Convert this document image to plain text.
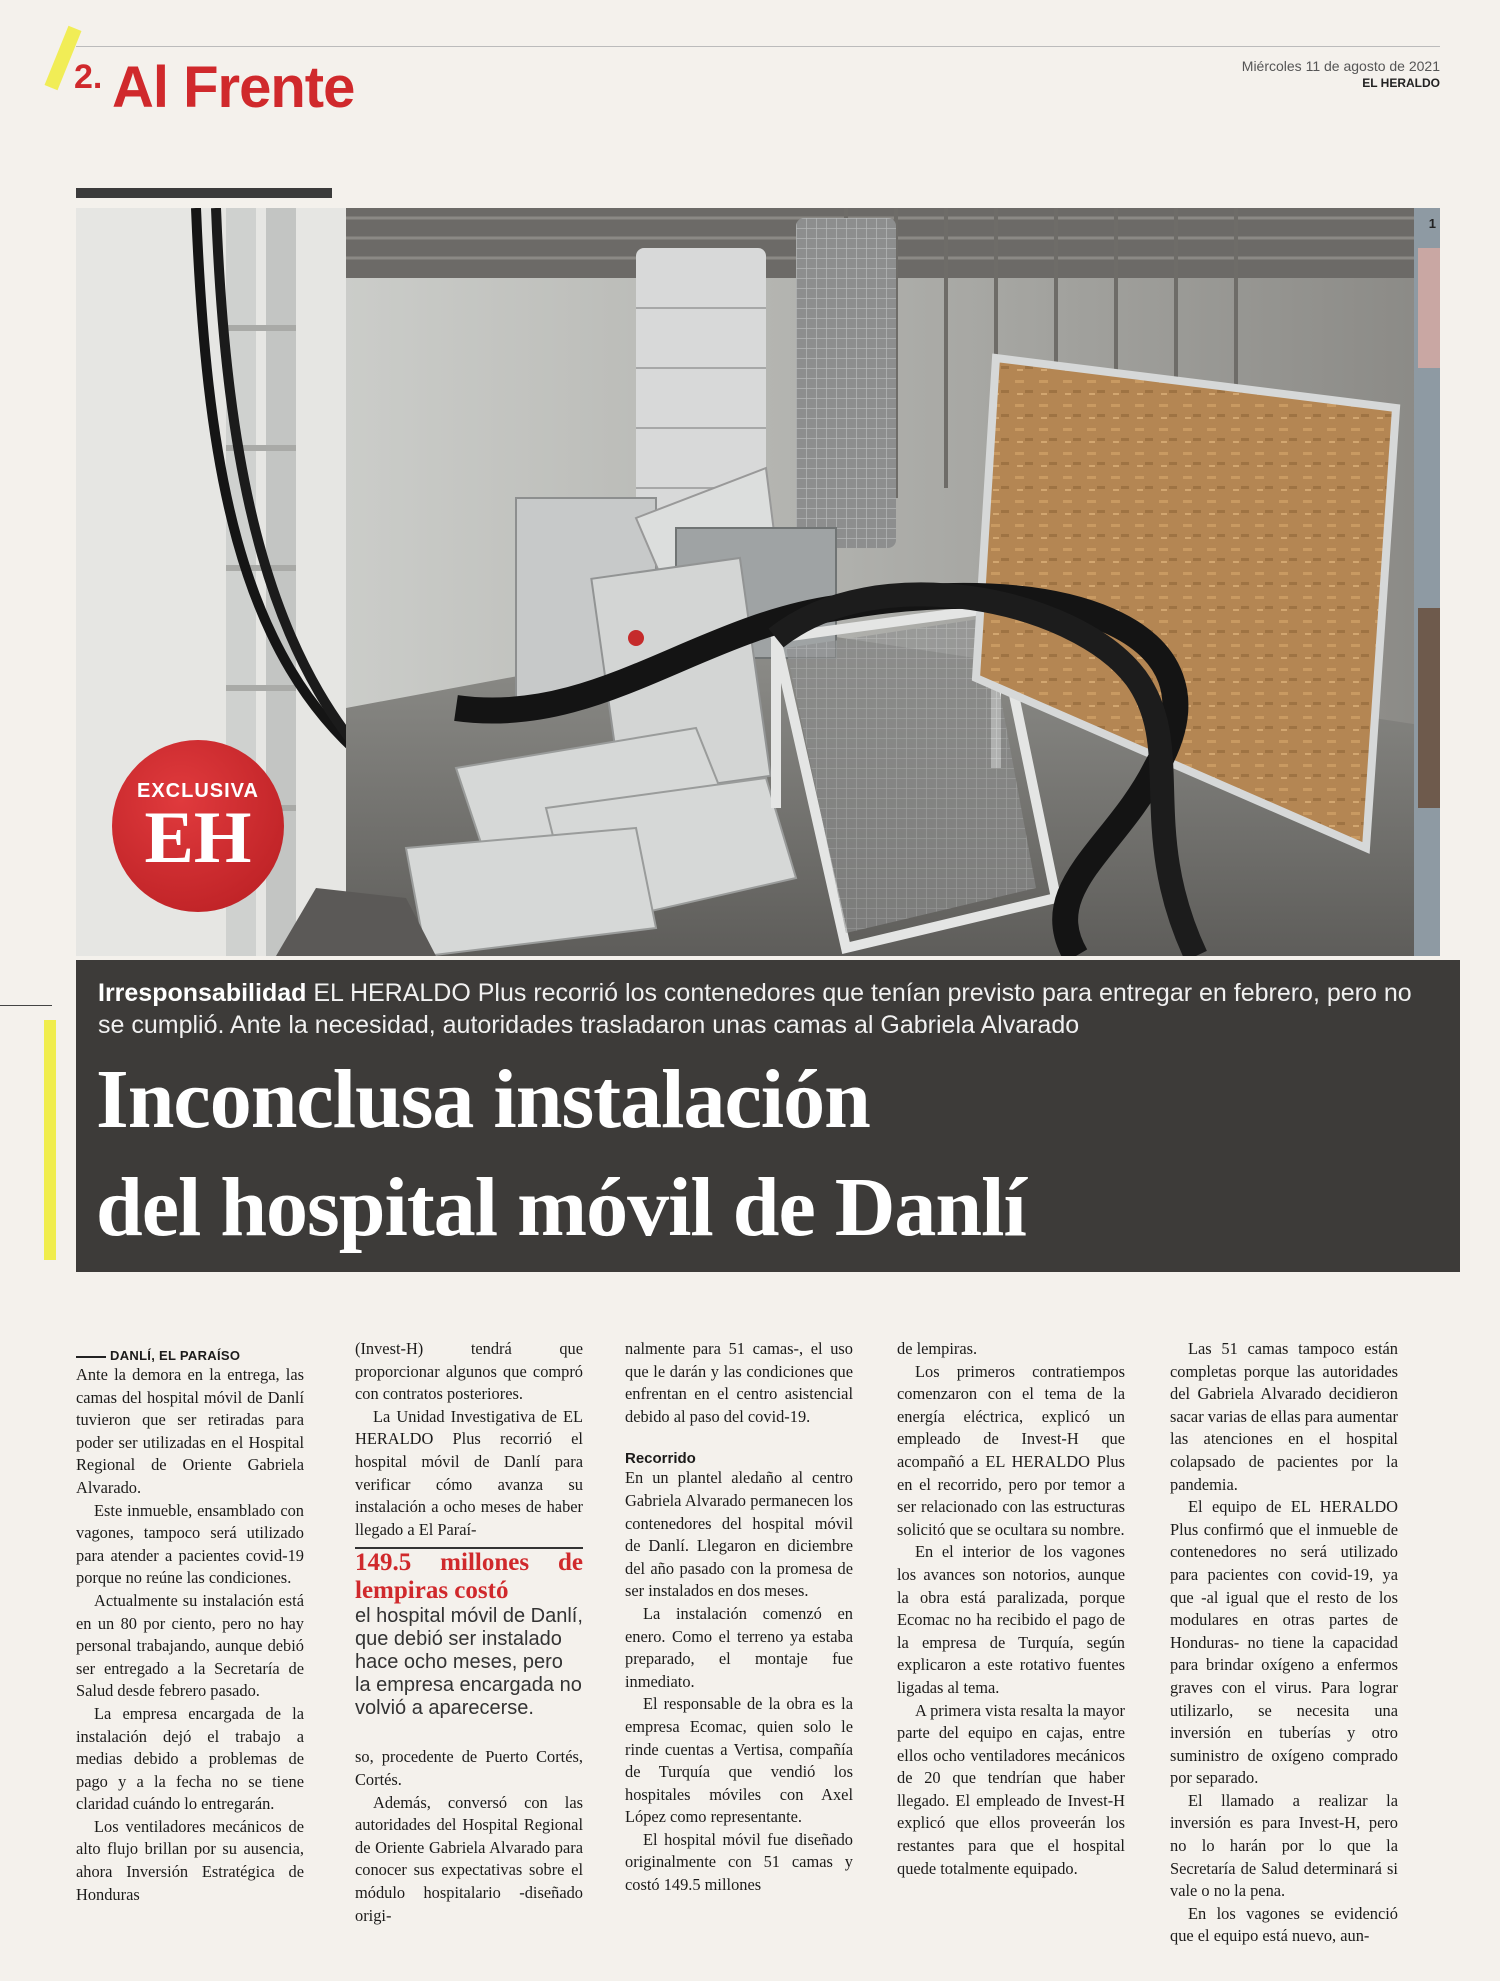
2. Al Frente	Miércoles 11 de agosto de 2021
EL HERALDO
1
EXCLUSIVA
EH
Irresponsabilidad EL HERALDO Plus recorrió los contenedores que tenían previsto para entregar en febrero, pero no se cumplió. Ante la necesidad, autoridades trasladaron unas camas al Gabriela Alvarado
Inconclusa instalación
del hospital móvil de Danlí
DANLÍ, EL PARAÍSO

Ante la demora en la entrega, las camas del hospital móvil de Danlí tuvieron que ser retiradas para poder ser utilizadas en el Hospital Regional de Oriente Gabriela Alvarado.

Este inmueble, ensamblado con vagones, tampoco será utilizado para atender a pacientes covid-19 porque no reúne las condiciones.

Actualmente su instalación está en un 80 por ciento, pero no hay personal trabajando, aunque debió ser entregado a la Secretaría de Salud desde febrero pasado.

La empresa encargada de la instalación dejó el trabajo a medias debido a problemas de pago y a la fecha no se tiene claridad cuándo lo entregarán.

Los ventiladores mecánicos de alto flujo brillan por su ausencia, ahora Inversión Estratégica de Honduras

(Invest-H) tendrá que proporcionar algunos que compró con contratos posteriores.

La Unidad Investigativa de EL HERALDO Plus recorrió el hospital móvil de Danlí para verificar cómo avanza su instalación a ocho meses de haber llegado a El Paraí-

149.5 millones de lempiras costó

el hospital móvil de Danlí, que debió ser instalado hace ocho meses, pero la empresa encargada no volvió a aparecerse.

so, procedente de Puerto Cortés, Cortés.

Además, conversó con las autoridades del Hospital Regional de Oriente Gabriela Alvarado para conocer sus expectativas sobre el módulo hospitalario -diseñado origi-

nalmente para 51 camas-, el uso que le darán y las condiciones que enfrentan en el centro asistencial debido al paso del covid-19.

Recorrido

En un plantel aledaño al centro Gabriela Alvarado permanecen los contenedores del hospital móvil de Danlí. Llegaron en diciembre del año pasado con la promesa de ser instalados en dos meses.

La instalación comenzó en enero. Como el terreno ya estaba preparado, el montaje fue inmediato.

El responsable de la obra es la empresa Ecomac, quien solo le rinde cuentas a Vertisa, compañía de Turquía que vendió los hospitales móviles con Axel López como representante.

El hospital móvil fue diseñado originalmente con 51 camas y costó 149.5 millones

de lempiras.

Los primeros contratiempos comenzaron con el tema de la energía eléctrica, explicó un empleado de Invest-H que acompañó a EL HERALDO Plus en el recorrido, pero por temor a ser relacionado con las estructuras solicitó que se ocultara su nombre.

En el interior de los vagones los avances son notorios, aunque la obra está paralizada, porque Ecomac no ha recibido el pago de la empresa de Turquía, según explicaron a este rotativo fuentes ligadas al tema.

A primera vista resalta la mayor parte del equipo en cajas, entre ellos ocho ventiladores mecánicos de 20 que tendrían que haber llegado. El empleado de Invest-H explicó que ellos proveerán los restantes para que el hospital quede totalmente equipado.

Las 51 camas tampoco están completas porque las autoridades del Gabriela Alvarado decidieron sacar varias de ellas para aumentar las atenciones en el hospital colapsado de pacientes por la pandemia.

El equipo de EL HERALDO Plus confirmó que el inmueble de contenedores no será utilizado para pacientes con covid-19, ya que -al igual que el resto de los modulares en otras partes de Honduras- no tiene la capacidad para brindar oxígeno a enfermos graves con el virus. Para lograr utilizarlo, se necesita una inversión en tuberías y otro suministro de oxígeno comprado por separado.

El llamado a realizar la inversión es para Invest-H, pero no lo harán por lo que la Secretaría de Salud determinará si vale o no la pena.

En los vagones se evidenció que el equipo está nuevo, aun-
